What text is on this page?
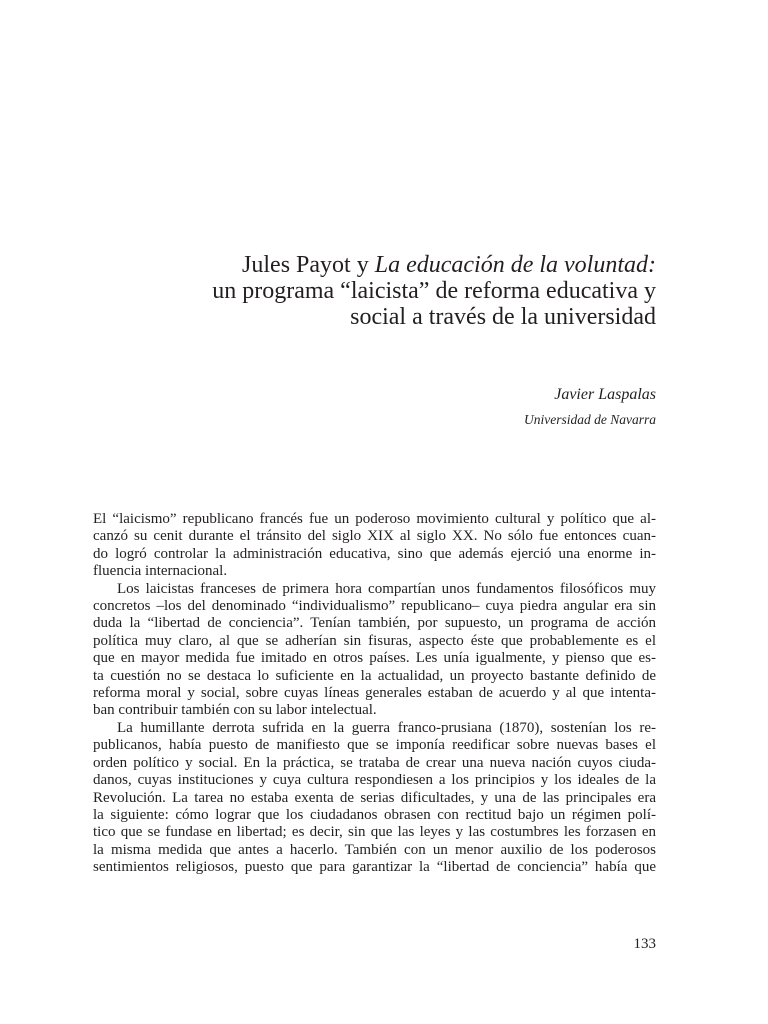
Jules Payot y La educación de la voluntad:
un programa “laicista” de reforma educativa y
social a través de la universidad
Javier Laspalas
Universidad de Navarra

El “laicismo” republicano francés fue un poderoso movimiento cultural y político que al-
canzó su cenit durante el tránsito del siglo XIX al siglo XX. No sólo fue entonces cuan-
do logró controlar la administración educativa, sino que además ejerció una enorme in-
fluencia internacional.

Los laicistas franceses de primera hora compartían unos fundamentos filosóficos muy
concretos –los del denominado “individualismo” republicano– cuya piedra angular era sin
duda la “libertad de conciencia”. Tenían también, por supuesto, un programa de acción
política muy claro, al que se adherían sin fisuras, aspecto éste que probablemente es el
que en mayor medida fue imitado en otros países. Les unía igualmente, y pienso que es-
ta cuestión no se destaca lo suficiente en la actualidad, un proyecto bastante definido de
reforma moral y social, sobre cuyas líneas generales estaban de acuerdo y al que intenta-
ban contribuir también con su labor intelectual.

La humillante derrota sufrida en la guerra franco-prusiana (1870), sostenían los re-
publicanos, había puesto de manifiesto que se imponía reedificar sobre nuevas bases el
orden político y social. En la práctica, se trataba de crear una nueva nación cuyos ciuda-
danos, cuyas instituciones y cuya cultura respondiesen a los principios y los ideales de la
Revolución. La tarea no estaba exenta de serias dificultades, y una de las principales era
la siguiente: cómo lograr que los ciudadanos obrasen con rectitud bajo un régimen polí-
tico que se fundase en libertad; es decir, sin que las leyes y las costumbres les forzasen en
la misma medida que antes a hacerlo. También con un menor auxilio de los poderosos
sentimientos religiosos, puesto que para garantizar la “libertad de conciencia” había que

133
